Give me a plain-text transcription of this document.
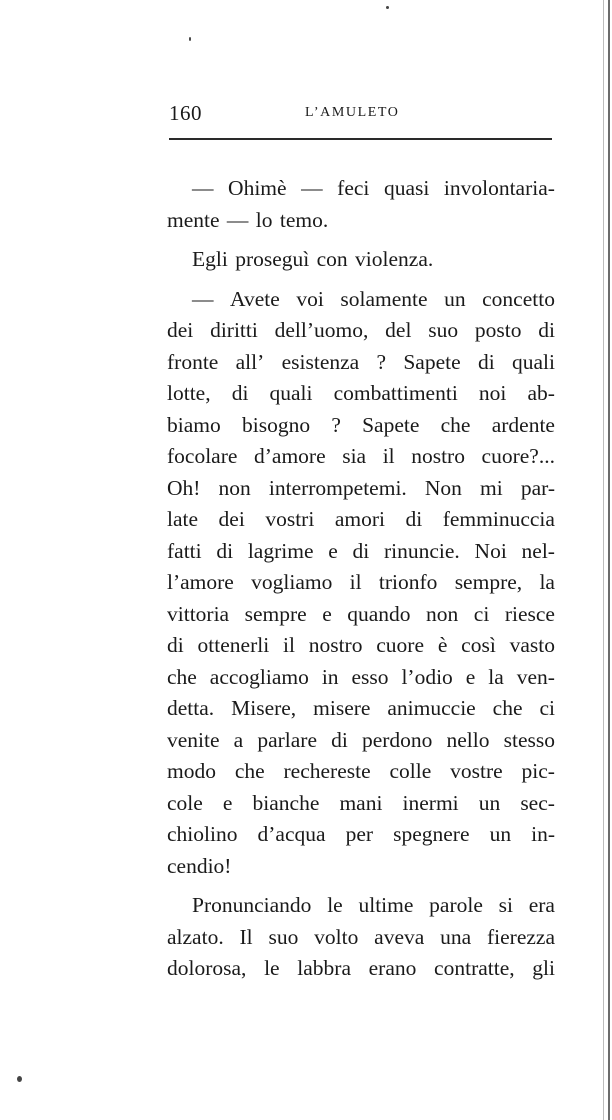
160	L’AMULETO
— Ohimè — feci quasi involontaria-
mente — lo temo.
Egli proseguì con violenza.
— Avete voi solamente un concetto
dei diritti dell’uomo, del suo posto di
fronte all’ esistenza ? Sapete di quali
lotte, di quali combattimenti noi ab-
biamo bisogno ? Sapete che ardente
focolare d’amore sia il nostro cuore?...
Oh! non interrompetemi. Non mi par-
late dei vostri amori di femminuccia
fatti di lagrime e di rinuncie. Noi nel-
l’amore vogliamo il trionfo sempre, la
vittoria sempre e quando non ci riesce
di ottenerli il nostro cuore è così vasto
che accogliamo in esso l’odio e la ven-
detta. Misere, misere animuccie che ci
venite a parlare di perdono nello stesso
modo che rechereste colle vostre pic-
cole e bianche mani inermi un sec-
chiolino d’acqua per spegnere un in-
cendio!
Pronunciando le ultime parole si era
alzato. Il suo volto aveva una fierezza
dolorosa, le labbra erano contratte, gli
